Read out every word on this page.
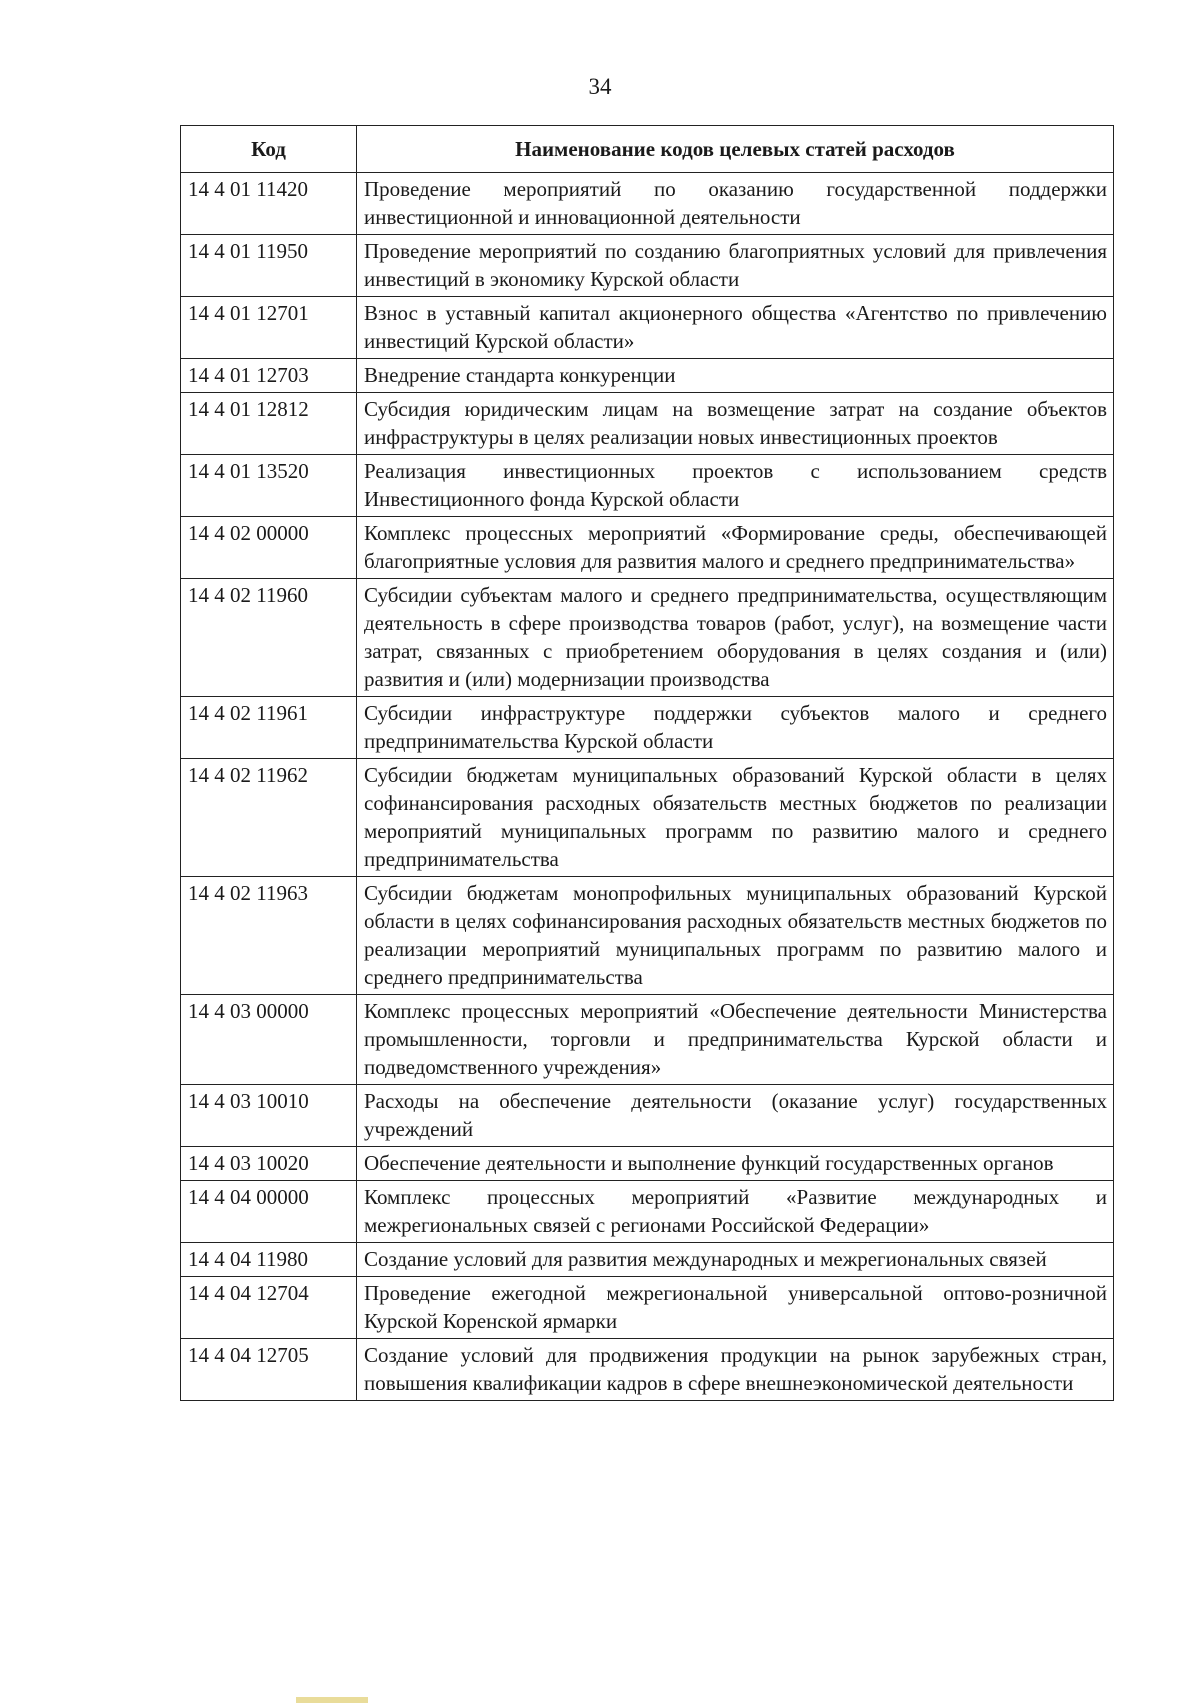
34
Код	Наименование кодов целевых статей расходов
14 4 01 11420	Проведение мероприятий по оказанию государственной поддержки инвестиционной и инновационной деятельности
14 4 01 11950	Проведение мероприятий по созданию благоприятных условий для привлечения инвестиций в экономику Курской области
14 4 01 12701	Взнос в уставный капитал акционерного общества «Агентство по привлечению инвестиций Курской области»
14 4 01 12703	Внедрение стандарта конкуренции
14 4 01 12812	Субсидия юридическим лицам на возмещение затрат на создание объектов инфраструктуры в целях реализации новых инвестиционных проектов
14 4 01 13520	Реализация инвестиционных проектов с использованием средств Инвестиционного фонда Курской области
14 4 02 00000	Комплекс процессных мероприятий «Формирование среды, обеспечивающей благоприятные условия для развития малого и среднего предпринимательства»
14 4 02 11960	Субсидии субъектам малого и среднего предпринимательства, осуществляющим деятельность в сфере производства товаров (работ, услуг), на возмещение части затрат, связанных с приобретением оборудования в целях создания и (или) развития и (или) модернизации производства
14 4 02 11961	Субсидии инфраструктуре поддержки субъектов малого и среднего предпринимательства Курской области
14 4 02 11962	Субсидии бюджетам муниципальных образований Курской области в целях софинансирования расходных обязательств местных бюджетов по реализации мероприятий муниципальных программ по развитию малого и среднего предпринимательства
14 4 02 11963	Субсидии бюджетам монопрофильных муниципальных образований Курской области в целях софинансирования расходных обязательств местных бюджетов по реализации мероприятий муниципальных программ по развитию малого и среднего предпринимательства
14 4 03 00000	Комплекс процессных мероприятий «Обеспечение деятельности Министерства промышленности, торговли и предпринимательства Курской области и подведомственного учреждения»
14 4 03 10010	Расходы на обеспечение деятельности (оказание услуг) государственных учреждений
14 4 03 10020	Обеспечение деятельности и выполнение функций государственных органов
14 4 04 00000	Комплекс процессных мероприятий «Развитие международных и межрегиональных связей с регионами Российской Федерации»
14 4 04 11980	Создание условий для развития международных и межрегиональных связей
14 4 04 12704	Проведение ежегодной межрегиональной универсальной оптово-розничной Курской Коренской ярмарки
14 4 04 12705	Создание условий для продвижения продукции на рынок зарубежных стран, повышения квалификации кадров в сфере внешнеэкономической деятельности
